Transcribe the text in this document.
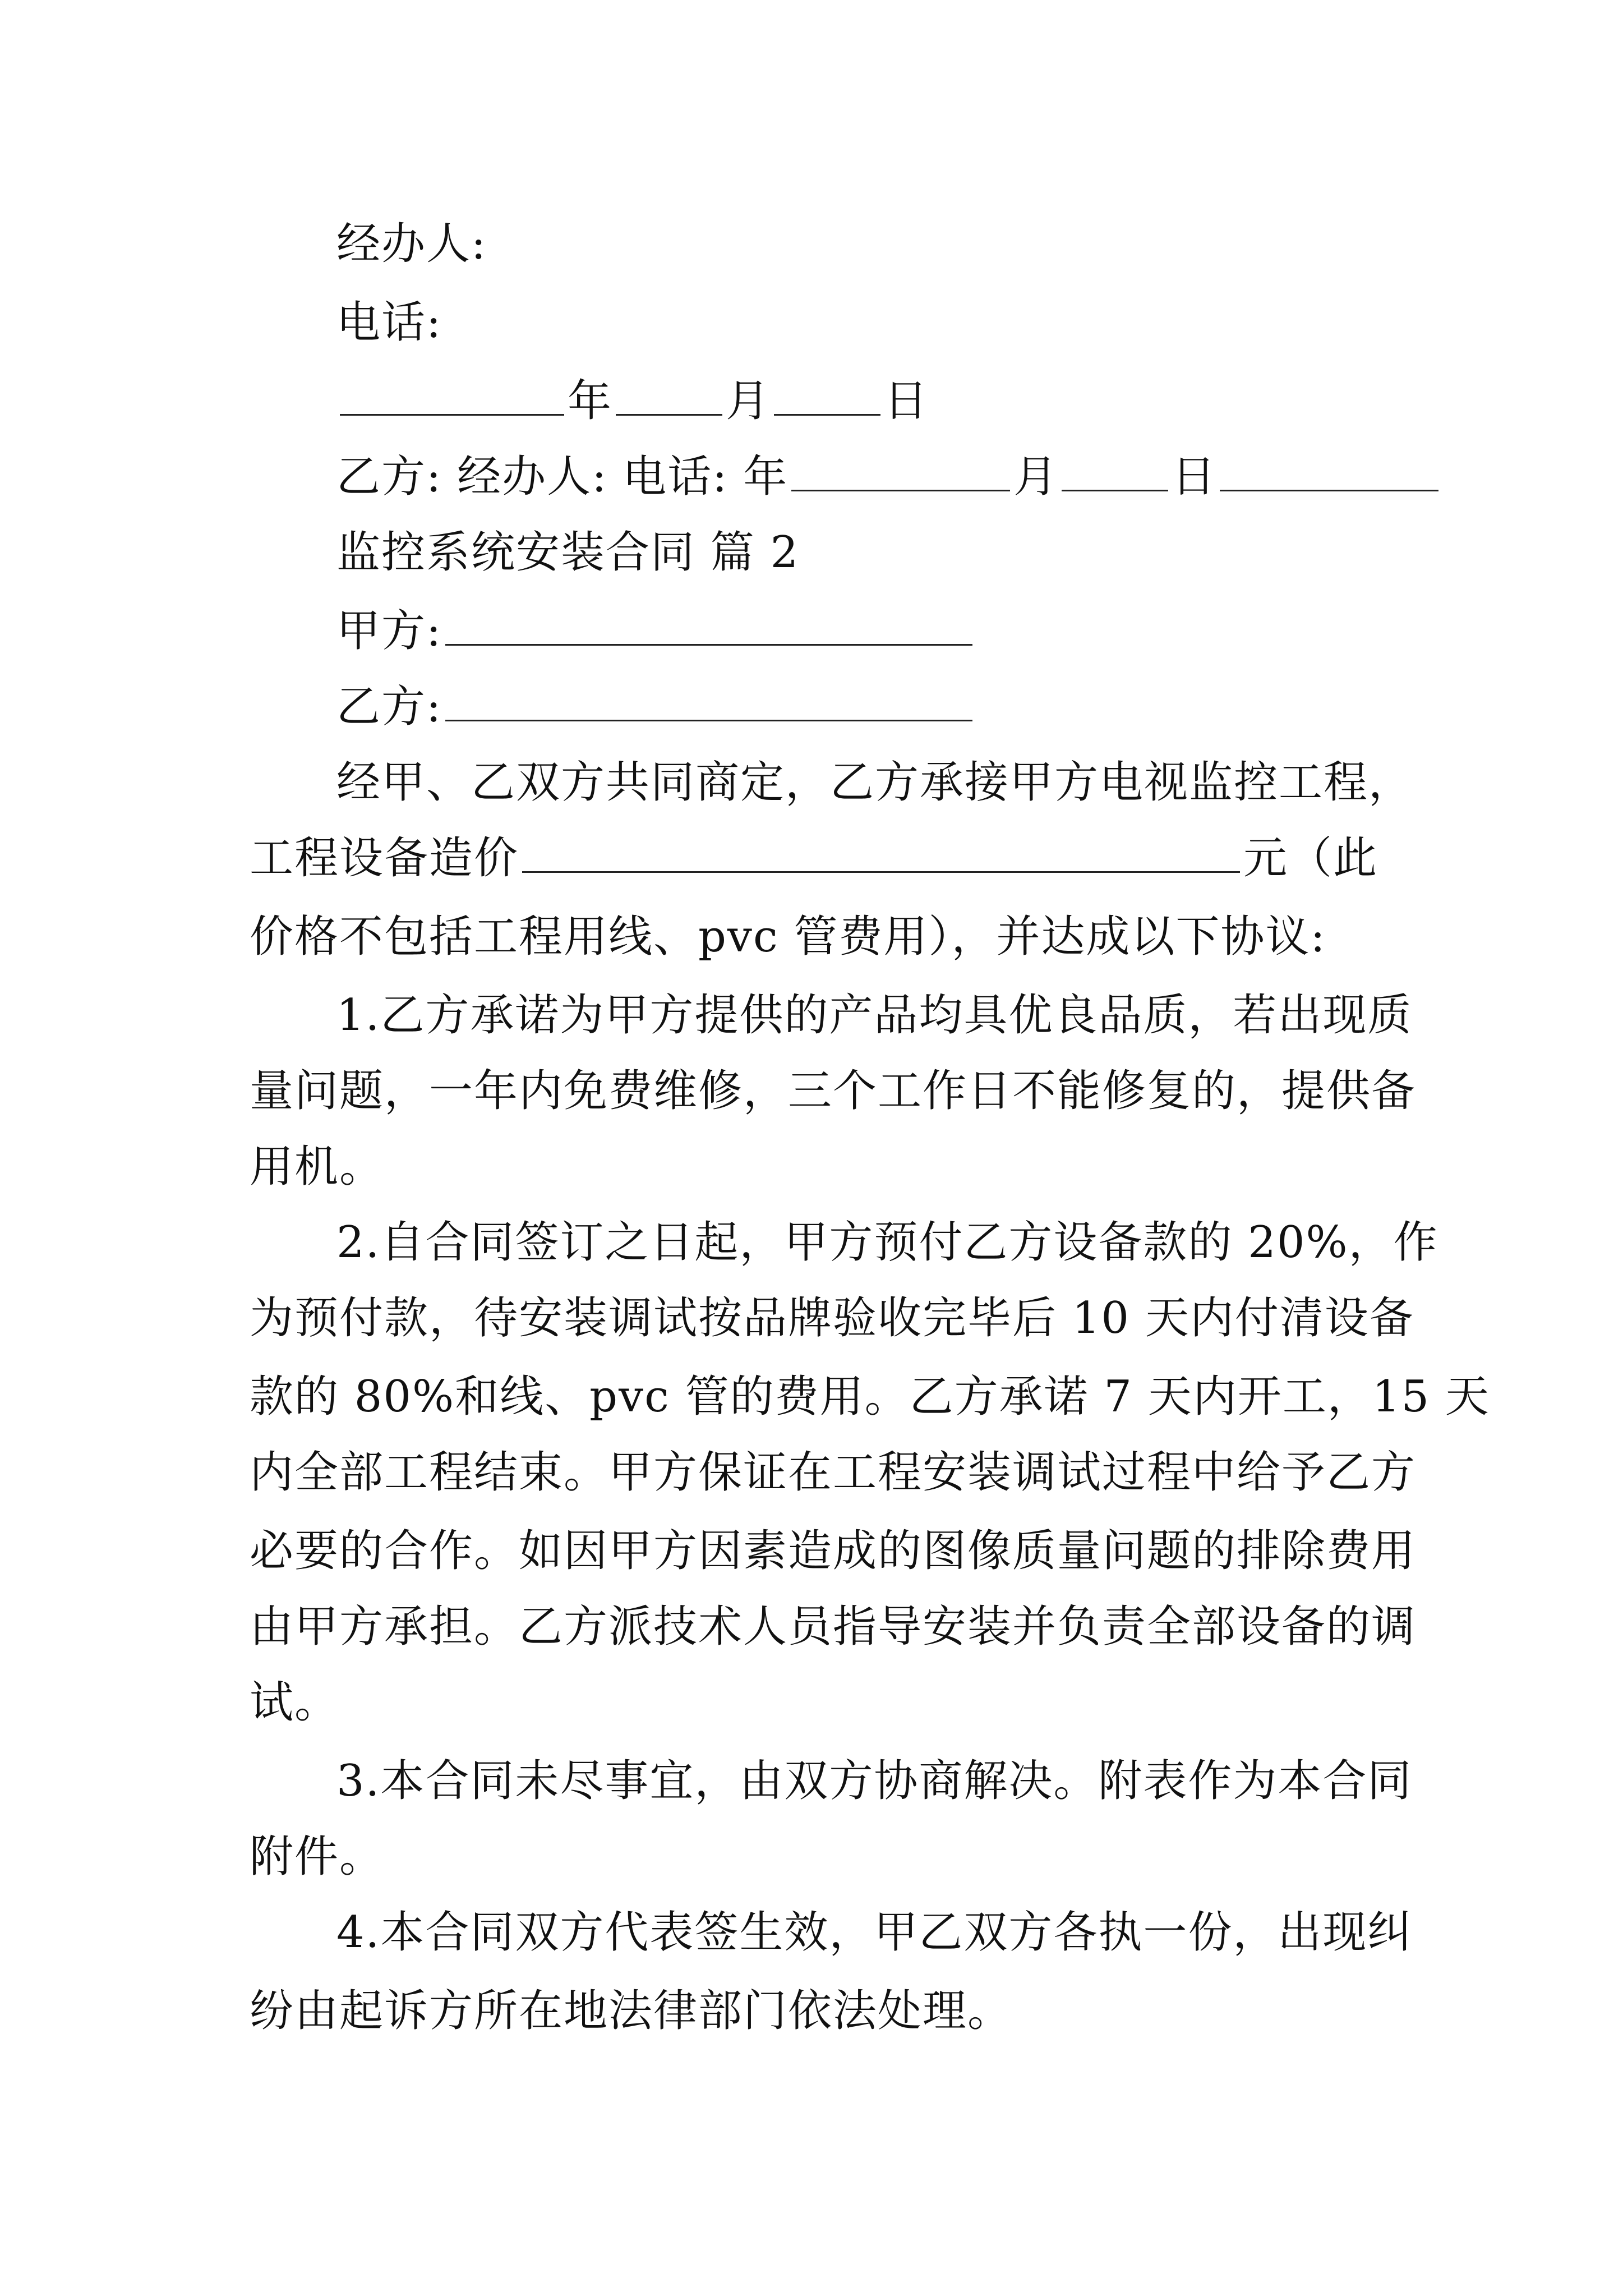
经办人:
电话:
年	月	日
乙方: 经办人: 电话: 年	月	日
监控系统安装合同 篇 2
甲方:
乙方:
经甲、乙双方共同商定，乙方承接甲方电视监控工程，
工程设备造价	元（此
价格不包括工程用线、pvc 管费用），并达成以下协议:
1.乙方承诺为甲方提供的产品均具优良品质，若出现质
量问题，一年内免费维修，三个工作日不能修复的，提供备
用机。
2.自合同签订之日起，甲方预付乙方设备款的 20%，作
为预付款，待安装调试按品牌验收完毕后 10 天内付清设备
款的 80%和线、pvc 管的费用。乙方承诺 7 天内开工，15 天
内全部工程结束。甲方保证在工程安装调试过程中给予乙方
必要的合作。如因甲方因素造成的图像质量问题的排除费用
由甲方承担。乙方派技术人员指导安装并负责全部设备的调
试。
3.本合同未尽事宜，由双方协商解决。附表作为本合同
附件。
4.本合同双方代表签生效，甲乙双方各执一份，出现纠
纷由起诉方所在地法律部门依法处理。
